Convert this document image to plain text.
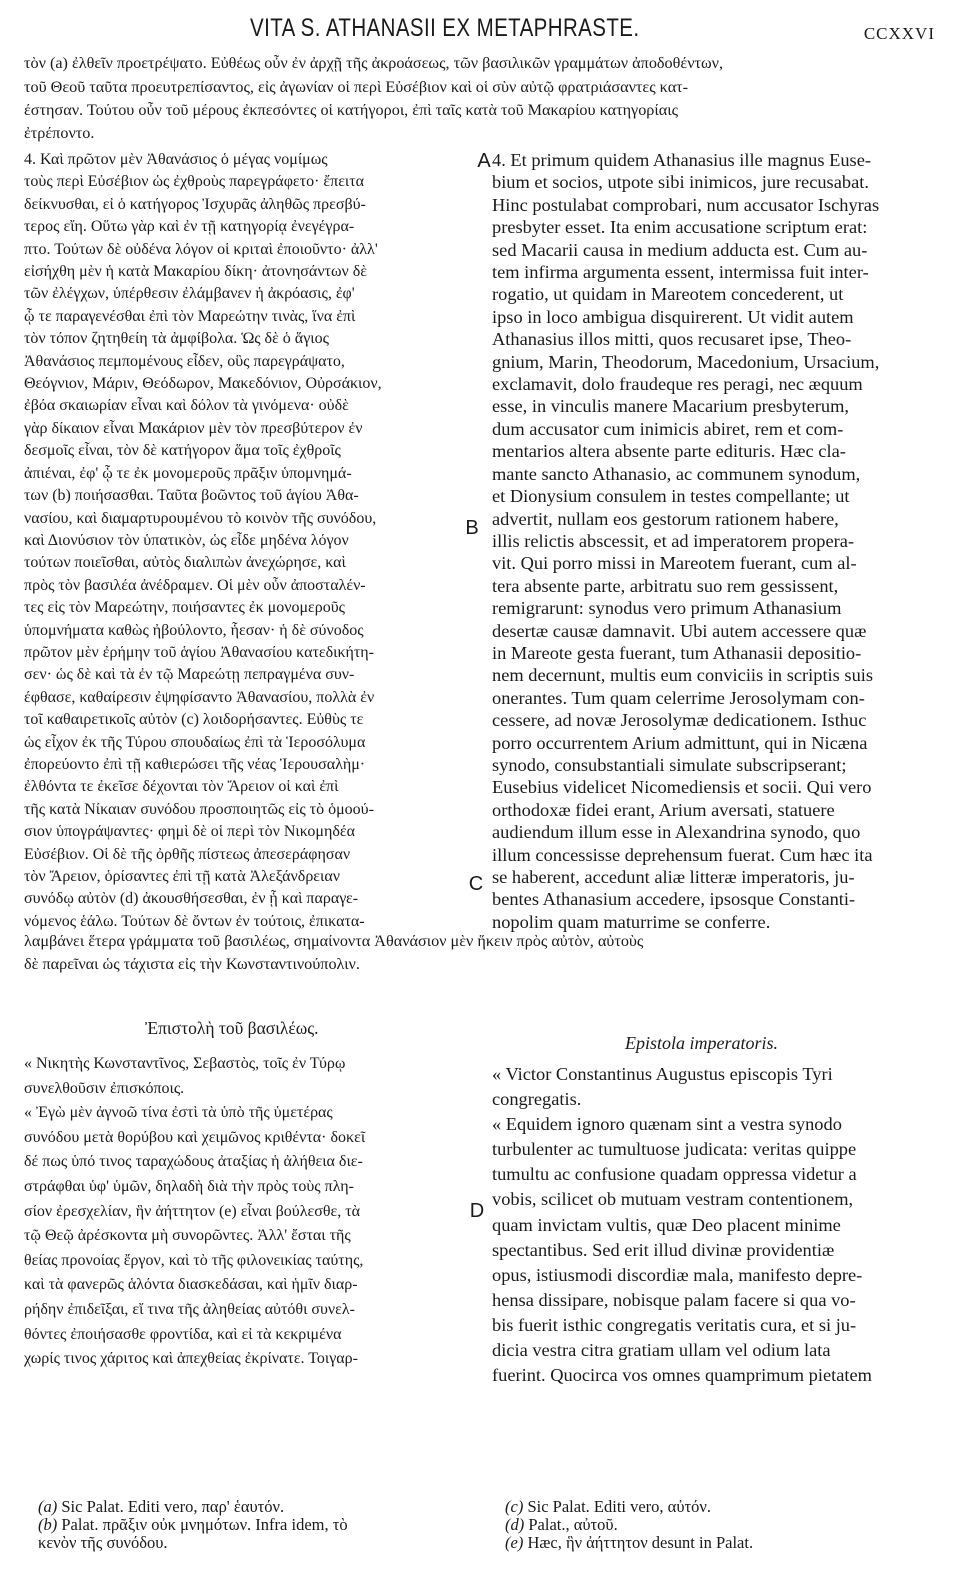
VITA S. ATHANASII EX METAPHRASTE.	CCXXVI
τὸν (a) ἐλθεῖν προετρέψατο. Εὐθέως οὖν ἐν ἀρχῇ τῆς ἀκροάσεως, τῶν βασιλικῶν γραμμάτων ἀποδοθέντων,
τοῦ Θεοῦ ταῦτα προευτρεπίσαντος, εἰς ἀγωνίαν οἱ περὶ Εὐσέβιον καὶ οἱ σὺν αὐτῷ φρατριάσαντες κατ-
έστησαν. Τούτου οὖν τοῦ μέρους ἐκπεσόντες οἱ κατήγοροι, ἐπὶ ταῖς κατὰ τοῦ Μακαρίου κατηγορίαις
ἐτρέποντο.
4. Καὶ πρῶτον μὲν Ἀθανάσιος ὁ μέγας νομίμως
τοὺς περὶ Εὐσέβιον ὡς ἐχθροὺς παρεγράφετο· ἔπειτα
δείκνυσθαι, εἰ ὁ κατήγορος Ἰσχυρᾶς ἀληθῶς πρεσβύ-
τερος εἴη. Οὕτω γὰρ καὶ ἐν τῇ κατηγορίᾳ ἐνεγέγρα-
πτο. Τούτων δὲ οὐδένα λόγον οἱ κριταὶ ἐποιοῦντο· ἀλλ'
εἰσήχθη μὲν ἡ κατὰ Μακαρίου δίκη· ἀτονησάντων δὲ
τῶν ἐλέγχων, ὑπέρθεσιν ἐλάμβανεν ἡ ἀκρόασις, ἐφ'
ᾧ τε παραγενέσθαι ἐπὶ τὸν Μαρεώτην τινὰς, ἵνα ἐπὶ
τὸν τόπον ζητηθείη τὰ ἀμφίβολα. Ὡς δὲ ὁ ἅγιος
Ἀθανάσιος πεμπομένους εἶδεν, οὓς παρεγράψατο,
Θεόγνιον, Μάριν, Θεόδωρον, Μακεδόνιον, Οὐρσάκιον,
ἐβόα σκαιωρίαν εἶναι καὶ δόλον τὰ γινόμενα· οὐδὲ
γὰρ δίκαιον εἶναι Μακάριον μὲν τὸν πρεσβύτερον ἐν
δεσμοῖς εἶναι, τὸν δὲ κατήγορον ἅμα τοῖς ἐχθροῖς
ἀπιέναι, ἐφ' ᾧ τε ἐκ μονομεροῦς πρᾶξιν ὑπομνημά-
των (b) ποιήσασθαι. Ταῦτα βοῶντος τοῦ ἁγίου Ἀθα-
νασίου, καὶ διαμαρτυρουμένου τὸ κοινὸν τῆς συνόδου,
καὶ Διονύσιον τὸν ὑπατικὸν, ὡς εἶδε μηδένα λόγον
τούτων ποιεῖσθαι, αὐτὸς διαλιπὼν ἀνεχώρησε, καὶ
πρὸς τὸν βασιλέα ἀνέδραμεν. Οἱ μὲν οὖν ἀποσταλέν-
τες εἰς τὸν Μαρεώτην, ποιήσαντες ἐκ μονομεροῦς
ὑπομνήματα καθὼς ἠβούλοντο, ἧεσαν· ἡ δὲ σύνοδος
πρῶτον μὲν ἐρήμην τοῦ ἁγίου Ἀθανασίου κατεδικήτη-
σεν· ὡς δὲ καὶ τὰ ἐν τῷ Μαρεώτῃ πεπραγμένα συν-
έφθασε, καθαίρεσιν ἐψηφίσαντο Ἀθανασίου, πολλὰ ἐν
τοῖ καθαιρετικοῖς αὐτὸν (c) λοιδορήσαντες. Εὐθὺς τε
ὡς εἶχον ἐκ τῆς Τύρου σπουδαίως ἐπὶ τὰ Ἱεροσόλυμα
ἐπορεύοντο ἐπὶ τῇ καθιερώσει τῆς νέας Ἱερουσαλὴμ·
ἐλθόντα τε ἐκεῖσε δέχονται τὸν Ἄρειον οἱ καὶ ἐπὶ
τῆς κατὰ Νίκαιαν συνόδου προσποιητῶς εἰς τὸ ὁμοού-
σιον ὑπογράψαντες· φημὶ δὲ οἱ περὶ τὸν Νικομηδέα
Εὐσέβιον. Οἱ δὲ τῆς ὀρθῆς πίστεως ἀπεσεράφησαν
τὸν Ἄρειον, ὁρίσαντες ἐπὶ τῇ κατὰ Ἀλεξάνδρειαν
συνόδῳ αὐτὸν (d) ἀκουσθήσεσθαι, ἐν ᾗ καὶ παραγε-
νόμενος ἑάλω. Τούτων δὲ ὄντων ἐν τούτοις, ἐπικατα-
4. Et primum quidem Athanasius ille magnus Euse-
bium et socios, utpote sibi inimicos, jure recusabat.
Hinc postulabat comprobari, num accusator Ischyras
presbyter esset. Ita enim accusatione scriptum erat:
sed Macarii causa in medium adducta est. Cum au-
tem infirma argumenta essent, intermissa fuit inter-
rogatio, ut quidam in Mareotem concederent, ut
ipso in loco ambigua disquirerent. Ut vidit autem
Athanasius illos mitti, quos recusaret ipse, Theo-
gnium, Marin, Theodorum, Macedonium, Ursacium,
exclamavit, dolo fraudeque res peragi, nec æquum
esse, in vinculis manere Macarium presbyterum,
dum accusator cum inimicis abiret, rem et com-
mentarios altera absente parte edituris. Hæc cla-
mante sancto Athanasio, ac communem synodum,
et Dionysium consulem in testes compellante; ut
advertit, nullam eos gestorum rationem habere,
illis relictis abscessit, et ad imperatorem propera-
vit. Qui porro missi in Mareotem fuerant, cum al-
tera absente parte, arbitratu suo rem gessissent,
remigrarunt: synodus vero primum Athanasium
desertæ causæ damnavit. Ubi autem accessere quæ
in Mareote gesta fuerant, tum Athanasii depositio-
nem decernunt, multis eum conviciis in scriptis suis
onerantes. Tum quam celerrime Jerosolymam con-
cessere, ad novæ Jerosolymæ dedicationem. Isthuc
porro occurrentem Arium admittunt, qui in Nicæna
synodo, consubstantiali simulate subscripserant;
Eusebius videlicet Nicomediensis et socii. Qui vero
orthodoxæ fidei erant, Arium aversati, statuere
audiendum illum esse in Alexandrina synodo, quo
illum concessisse deprehensum fuerat. Cum hæc ita
se haberent, accedunt aliæ litteræ imperatoris, ju-
bentes Athanasium accedere, ipsosque Constanti-
nopolim quam maturrime se conferre.
A
B
C
D
λαμβάνει ἕτερα γράμματα τοῦ βασιλέως, σημαίνοντα Ἀθανάσιον μὲν ἥκειν πρὸς αὐτὸν, αὐτοὺς
δὲ παρεῖναι ὡς τάχιστα εἰς τὴν Κωνσταντινούπολιν.
Ἐπιστολὴ τοῦ βασιλέως.
Epistola imperatoris.
« Νικητὴς Κωνσταντῖνος, Σεβαστὸς, τοῖς ἐν Τύρῳ
συνελθοῦσιν ἐπισκόποις.
« Ἐγὼ μὲν ἀγνοῶ τίνα ἐστὶ τὰ ὑπὸ τῆς ὑμετέρας
συνόδου μετὰ θορύβου καὶ χειμῶνος κριθέντα· δοκεῖ
δέ πως ὑπό τινος ταραχώδους ἀταξίας ἡ ἀλήθεια διε-
στράφθαι ὑφ' ὑμῶν, δηλαδὴ διὰ τὴν πρὸς τοὺς πλη-
σίον ἐρεσχελίαν, ἣν ἀήττητον (e) εἶναι βούλεσθε, τὰ
τῷ Θεῷ ἀρέσκοντα μὴ συνορῶντες. Ἀλλ' ἔσται τῆς
θείας προνοίας ἔργον, καὶ τὸ τῆς φιλονεικίας ταύτης,
καὶ τὰ φανερῶς ἁλόντα διασκεδάσαι, καὶ ἡμῖν διαρ-
ρήδην ἐπιδεῖξαι, εἴ τινα τῆς ἀληθείας αὐτόθι συνελ-
θόντες ἐποιήσασθε φροντίδα, καὶ εἰ τὰ κεκριμένα
χωρίς τινος χάριτος καὶ ἀπεχθείας ἐκρίνατε. Τοιγαρ-
« Victor Constantinus Augustus episcopis Tyri
congregatis.
« Equidem ignoro quænam sint a vestra synodo
turbulenter ac tumultuose judicata: veritas quippe
tumultu ac confusione quadam oppressa videtur a
vobis, scilicet ob mutuam vestram contentionem,
quam invictam vultis, quæ Deo placent minime
spectantibus. Sed erit illud divinæ providentiæ
opus, istiusmodi discordiæ mala, manifesto depre-
hensa dissipare, nobisque palam facere si qua vo-
bis fuerit isthic congregatis veritatis cura, et si ju-
dicia vestra citra gratiam ullam vel odium lata
fuerint. Quocirca vos omnes quamprimum pietatem
(a) Sic Palat. Editi vero, παρ' ἑαυτόν.
(b) Palat. πρᾶξιν οὐκ μνημότων. Infra idem, τὸ
κενὸν τῆς συνόδου.
(c) Sic Palat. Editi vero, αὐτόν.
(d) Palat., αὐτοῦ.
(e) Hæc, ἣν ἀήττητον desunt in Palat.
